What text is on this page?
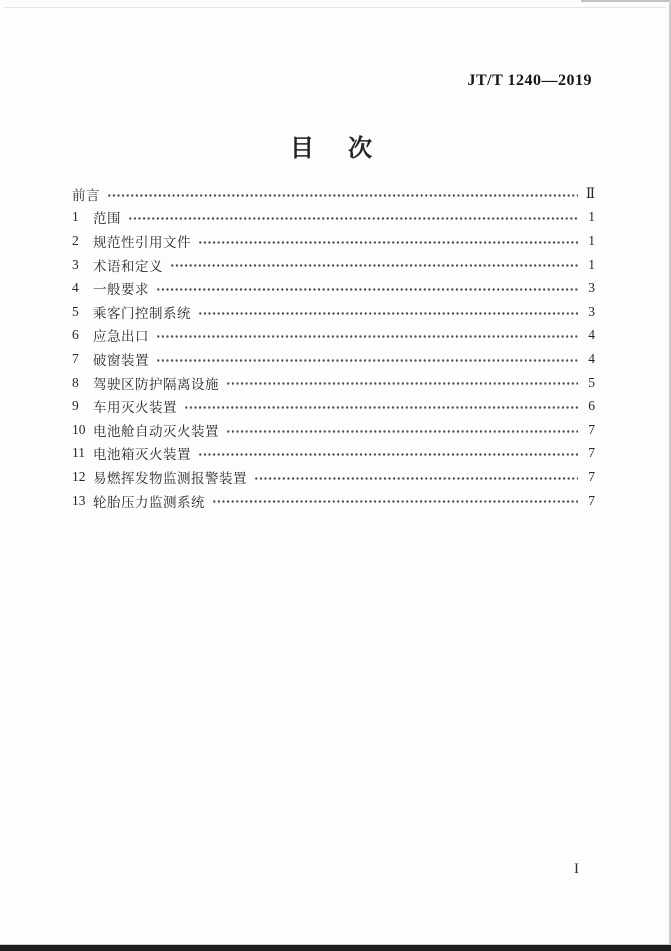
JT/T 1240—2019
目　次
前言	Ⅱ
1	范围	1
2	规范性引用文件	1
3	术语和定义	1
4	一般要求	3
5	乘客门控制系统	3
6	应急出口	4
7	破窗装置	4
8	驾驶区防护隔离设施	5
9	车用灭火装置	6
10 电池舱自动灭火装置	7
11 电池箱灭火装置	7
12 易燃挥发物监测报警装置	7
13 轮胎压力监测系统	7
I
